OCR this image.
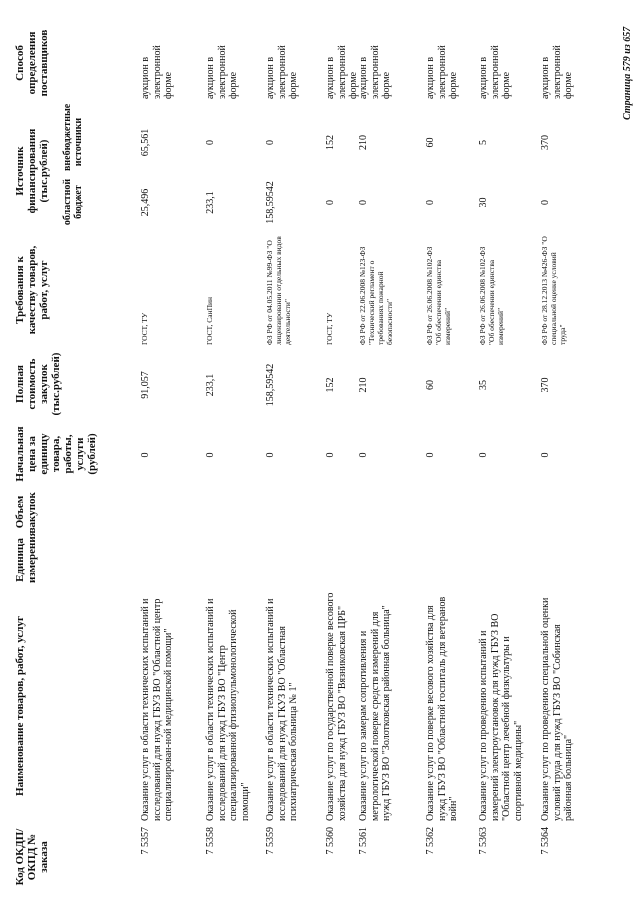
Код ОКДП/ ОКПД № заказа
Наименование товаров, работ, услуг
Единица измерения
Объем закупок
Начальная цена за единицу товара, работы, услуги (рублей)
Полная стоимость закупок (тыс.рублей)
Требования к качеству товаров, работ, услуг
Источник финансирования (тыс.рублей) областной бюджет
внебюджетные источники
Способ определения поставщиков
7 5357
Оказание услуг в области технических испытаний и исследований для нужд ГБУЗ ВО "Областной центр специализирован-ной медицинской помощи"
0
91,057
ГОСТ, ТУ
25,496
65,561
аукцион в электронной форме
7 5358
Оказание услуг в области технических испытаний и исследований для нужд ГБУЗ ВО "Центр специализированной фтизиопульмонологической помощи"
0
233,1
ГОСТ, СанПин
233,1
0
аукцион в электронной форме
7 5359
Оказание услуг в области технических испытаний и исследований для нужд ГКУЗ ВО "Областная психиатрическая больница № 1"
0
158,59542
ФЗ РФ от 04.05.2011 №99-ФЗ "О лицензировании отдельных видов деятельности"
158,59542
0
аукцион в электронной форме
7 5360
Оказание услуг по государственной поверке весового хозяйства для нужд ГБУЗ ВО "Вязниковская ЦРБ"
0
152
ГОСТ, ТУ
0
152
аукцион в электронной форме
7 5361
Оказание услуг по замерам сопротивления и метрологической поверке средств измерений для нужд ГБУЗ ВО "Золотковская районная больница"
0
210
ФЗ РФ от 22.06.2008 №123-ФЗ "Технический регламент о требованиях пожарной безопасности"
0
210
аукцион в электронной форме
7 5362
Оказание услуг по поверке весового хозяйства для нужд ГБУЗ ВО "Областной госпиталь для ветеранов войн"
0
60
ФЗ РФ от 26.06.2008 №102-ФЗ "Об обеспечении единства измерений"
0
60
аукцион в электронной форме
7 5363
Оказание услуг по проведению испытаний и измерений электроустановок для нужд ГБУЗ ВО "Областной центр лечебной физкультуры и спортивной медицины"
0
35
ФЗ РФ от 26.06.2008 №102-ФЗ "Об обеспечении единства измерений"
30
5
аукцион в электронной форме
7 5364
Оказание услуг по проведению специальной оценки условий труда для нужд ГБУЗ ВО "Собинская районная больница"
0
370
ФЗ РФ от 28.12.2013 №426-ФЗ "О специальной оценке условий труда"
0
370
аукцион в электронной форме	Страница 579 из 657
